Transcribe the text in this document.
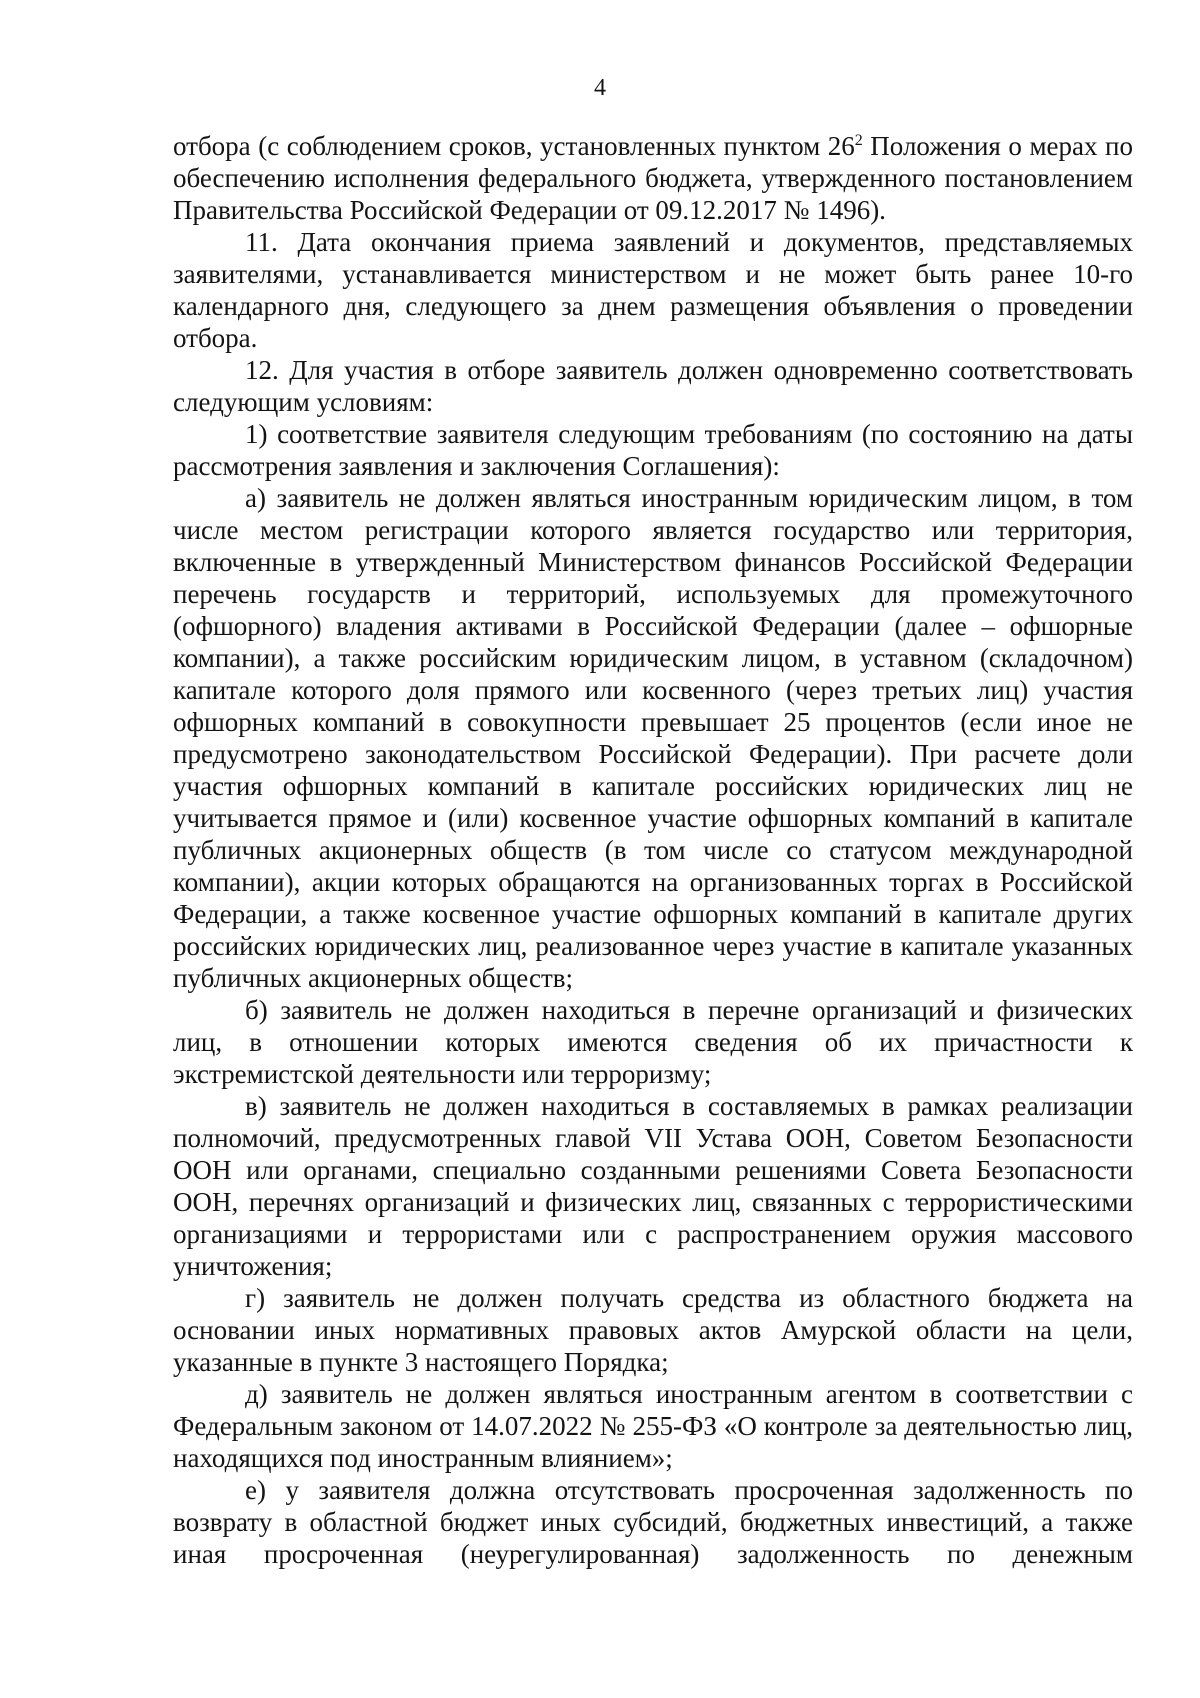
4

отбора (с соблюдением сроков, установленных пунктом $26^2$ Положения о мерах по обеспечению исполнения федерального бюджета, утвержденного постановлением Правительства Российской Федерации от 09.12.2017 № 1496).

11. Дата окончания приема заявлений и документов, представляемых заявителями, устанавливается министерством и не может быть ранее 10-го календарного дня, следующего за днем размещения объявления о проведении отбора.

12. Для участия в отборе заявитель должен одновременно соответствовать следующим условиям:

1) соответствие заявителя следующим требованиям (по состоянию на даты рассмотрения заявления и заключения Соглашения):

а) заявитель не должен являться иностранным юридическим лицом, в том числе местом регистрации которого является государство или территория, включенные в утвержденный Министерством финансов Российской Федерации перечень государств и территорий, используемых для промежуточного (офшорного) владения активами в Российской Федерации (далее – офшорные компании), а также российским юридическим лицом, в уставном (складочном) капитале которого доля прямого или косвенного (через третьих лиц) участия офшорных компаний в совокупности превышает 25 процентов (если иное не предусмотрено законодательством Российской Федерации). При расчете доли участия офшорных компаний в капитале российских юридических лиц не учитывается прямое и (или) косвенное участие офшорных компаний в капитале публичных акционерных обществ (в том числе со статусом международной компании), акции которых обращаются на организованных торгах в Российской Федерации, а также косвенное участие офшорных компаний в капитале других российских юридических лиц, реализованное через участие в капитале указанных публичных акционерных обществ;

б) заявитель не должен находиться в перечне организаций и физических лиц, в отношении которых имеются сведения об их причастности к экстремистской деятельности или терроризму;

в) заявитель не должен находиться в составляемых в рамках реализации полномочий, предусмотренных главой VII Устава ООН, Советом Безопасности ООН или органами, специально созданными решениями Совета Безопасности ООН, перечнях организаций и физических лиц, связанных с террористическими организациями и террористами или с распространением оружия массового уничтожения;

г) заявитель не должен получать средства из областного бюджета на основании иных нормативных правовых актов Амурской области на цели, указанные в пункте 3 настоящего Порядка;

д) заявитель не должен являться иностранным агентом в соответствии с Федеральным законом от 14.07.2022 № 255-ФЗ «О контроле за деятельностью лиц, находящихся под иностранным влиянием»;

е) у заявителя должна отсутствовать просроченная задолженность по возврату в областной бюджет иных субсидий, бюджетных инвестиций, а также иная просроченная (неурегулированная) задолженность по денежным
